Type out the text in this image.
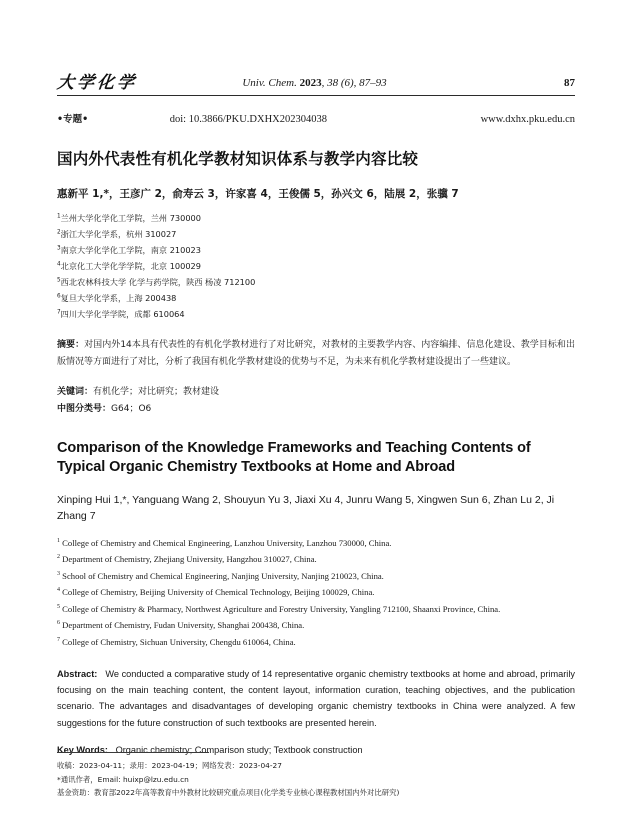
大学化学	Univ. Chem. 2023, 38 (6), 87–93	87
•专题•	doi: 10.3866/PKU.DXHX202304038	www.dxhx.pku.edu.cn
国内外代表性有机化学教材知识体系与教学内容比较
惠新平 1,*，王彦广 2，俞寿云 3，许家喜 4，王俊儒 5，孙兴文 6，陆展 2，张骥 7
$^1$兰州大学化学化工学院，兰州 730000
$^2$浙江大学化学系，杭州 310027
$^3$南京大学化学化工学院，南京 210023
$^4$北京化工大学化学学院，北京 100029
$^5$西北农林科技大学 化学与药学院，陕西 杨凌 712100
$^6$复旦大学化学系，上海 200438
$^7$四川大学化学学院，成都 610064
摘要：对国内外14本具有代表性的有机化学教材进行了对比研究，对教材的主要教学内容、内容编排、信息化建设、教学目标和出版情况等方面进行了对比，分析了我国有机化学教材建设的优势与不足，为未来有机化学教材建设提出了一些建议。
关键词：有机化学；对比研究；教材建设
中图分类号：G64；O6
Comparison of the Knowledge Frameworks and Teaching Contents of Typical Organic Chemistry Textbooks at Home and Abroad
Xinping Hui 1,*, Yanguang Wang 2, Shouyun Yu 3, Jiaxi Xu 4, Junru Wang 5, Xingwen Sun 6, Zhan Lu 2, Ji Zhang 7
$^1$ College of Chemistry and Chemical Engineering, Lanzhou University, Lanzhou 730000, China.
$^2$ Department of Chemistry, Zhejiang University, Hangzhou 310027, China.
$^3$ School of Chemistry and Chemical Engineering, Nanjing University, Nanjing 210023, China.
$^4$ College of Chemistry, Beijing University of Chemical Technology, Beijing 100029, China.
$^5$ College of Chemistry & Pharmacy, Northwest Agriculture and Forestry University, Yangling 712100, Shaanxi Province, China.
$^6$ Department of Chemistry, Fudan University, Shanghai 200438, China.
$^7$ College of Chemistry, Sichuan University, Chengdu 610064, China.
Abstract: We conducted a comparative study of 14 representative organic chemistry textbooks at home and abroad, primarily focusing on the main teaching content, the content layout, information curation, teaching objectives, and the publication scenario. The advantages and disadvantages of developing organic chemistry textbooks in China were analyzed. A few suggestions for the future construction of such textbooks are presented herein.
Key Words: Organic chemistry; Comparison study; Textbook construction
收稿：2023-04-11；录用：2023-04-19；网络发表：2023-04-27
*通讯作者，Email: huixp@lzu.edu.cn
基金资助：教育部2022年高等教育中外教材比较研究重点项目(化学类专业核心课程教材国内外对比研究)
